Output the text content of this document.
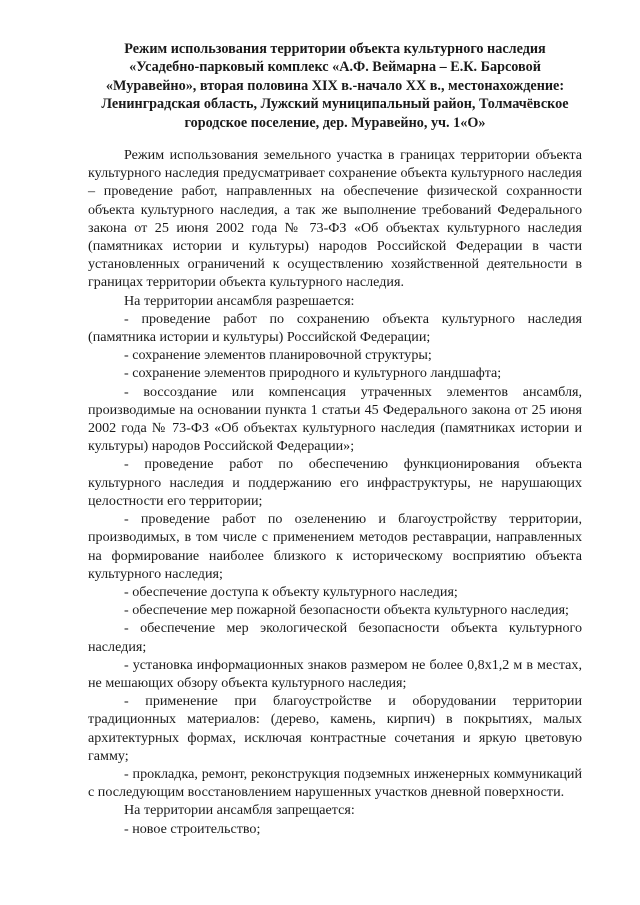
Режим использования территории объекта культурного наследия
«Усадебно-парковый комплекс «А.Ф. Веймарна – Е.К. Барсовой
«Муравейно», вторая половина XIX в.-начало XX в., местонахождение:
Ленинградская область, Лужский муниципальный район, Толмачёвское
городское поселение, дер. Муравейно, уч. 1«О»

Режим использования земельного участка в границах территории объекта культурного наследия предусматривает сохранение объекта культурного наследия – проведение работ, направленных на обеспечение физической сохранности объекта культурного наследия, а так же выполнение требований Федерального закона от 25 июня 2002 года № 73-ФЗ «Об объектах культурного наследия (памятниках истории и культуры) народов Российской Федерации в части установленных ограничений к осуществлению хозяйственной деятельности в границах территории объекта культурного наследия.

На территории ансамбля разрешается:

- проведение работ по сохранению объекта культурного наследия (памятника истории и культуры) Российской Федерации;

- сохранение элементов планировочной структуры;

- сохранение элементов природного и культурного ландшафта;

- воссоздание или компенсация утраченных элементов ансамбля, производимые на основании пункта 1 статьи 45 Федерального закона от 25 июня 2002 года № 73-ФЗ «Об объектах культурного наследия (памятниках истории и культуры) народов Российской Федерации»;

- проведение работ по обеспечению функционирования объекта культурного наследия и поддержанию его инфраструктуры, не нарушающих целостности его территории;

- проведение работ по озеленению и благоустройству территории, производимых, в том числе с применением методов реставрации, направленных на формирование наиболее близкого к историческому восприятию объекта культурного наследия;

- обеспечение доступа к объекту культурного наследия;

- обеспечение мер пожарной безопасности объекта культурного наследия;

- обеспечение мер экологической безопасности объекта культурного наследия;

- установка информационных знаков размером не более 0,8х1,2 м в местах, не мешающих обзору объекта культурного наследия;

- применение при благоустройстве и оборудовании территории традиционных материалов: (дерево, камень, кирпич) в покрытиях, малых архитектурных формах, исключая контрастные сочетания и яркую цветовую гамму;

- прокладка, ремонт, реконструкция подземных инженерных коммуникаций с последующим восстановлением нарушенных участков дневной поверхности.

На территории ансамбля запрещается:

- новое строительство;
